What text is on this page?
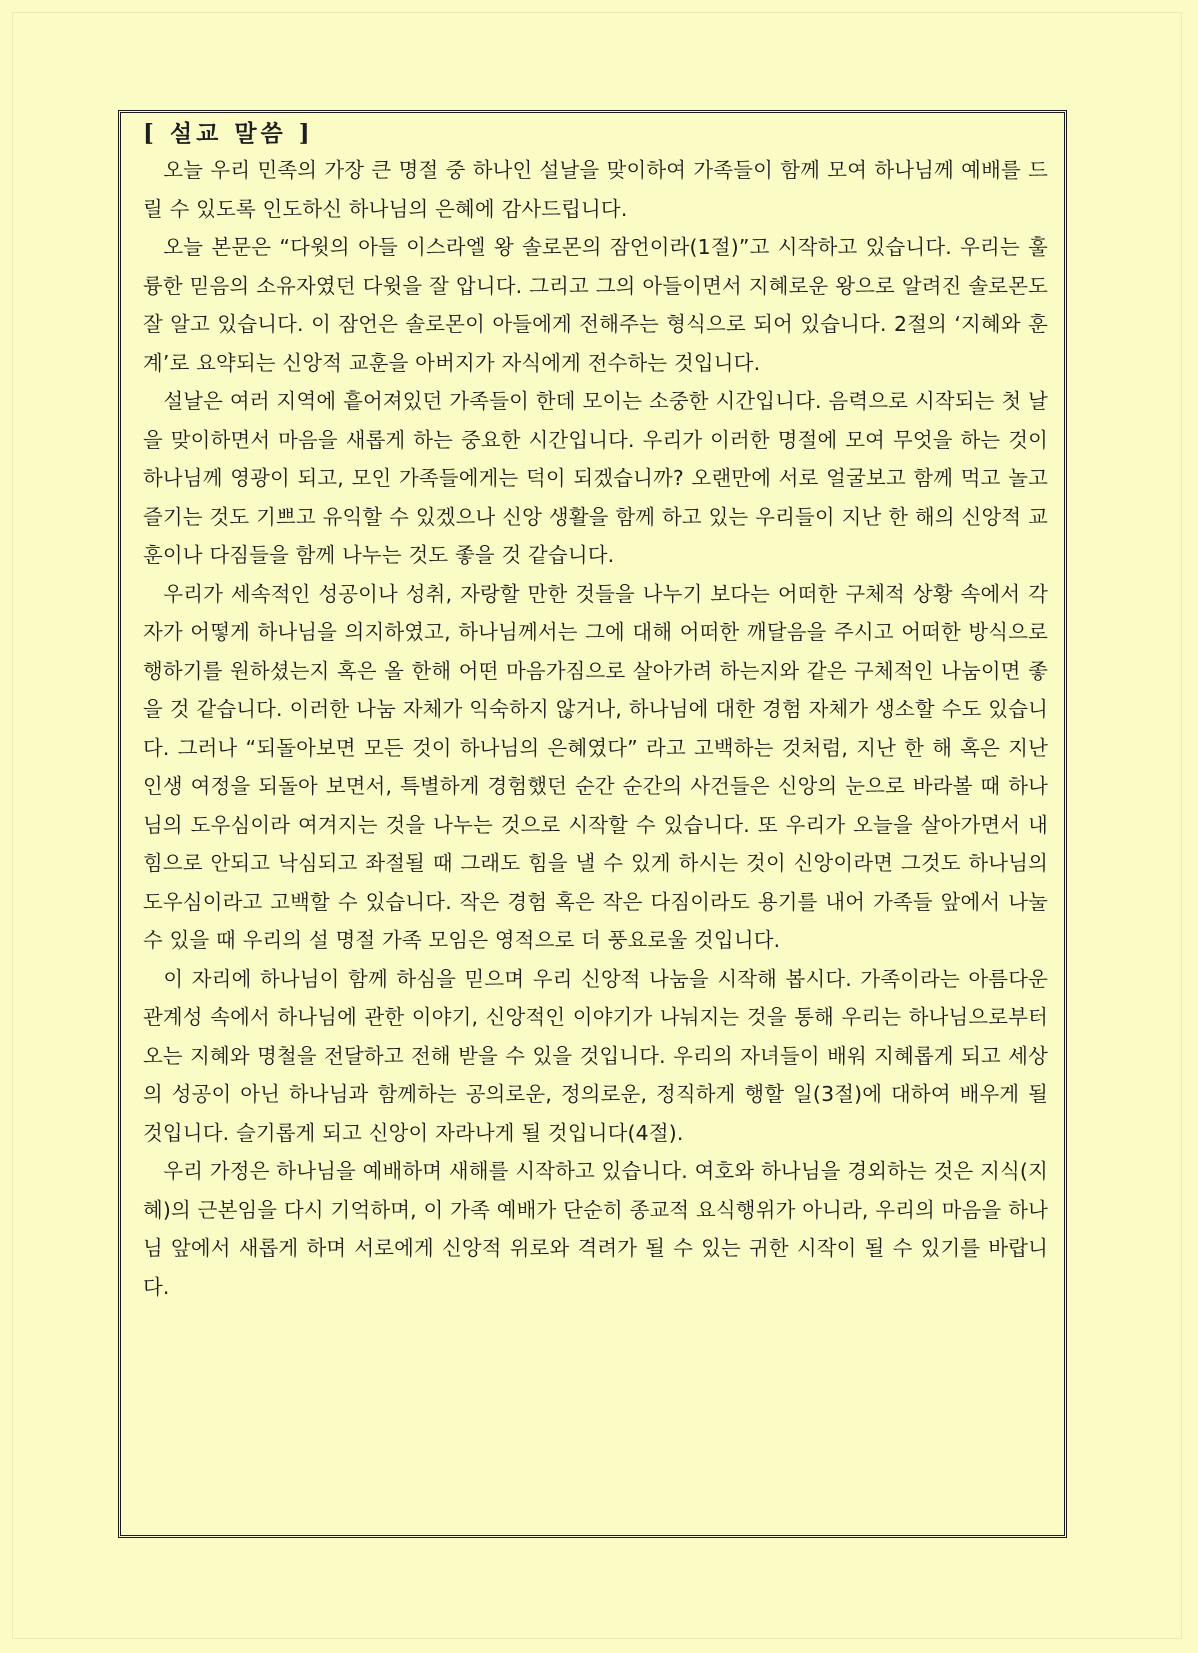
[ 설교 말씀 ]

오늘 우리 민족의 가장 큰 명절 중 하나인 설날을 맞이하여 가족들이 함께 모여 하나님께 예배를 드릴 수 있도록 인도하신 하나님의 은혜에 감사드립니다.

오늘 본문은 “다윗의 아들 이스라엘 왕 솔로몬의 잠언이라(1절)”고 시작하고 있습니다. 우리는 훌륭한 믿음의 소유자였던 다윗을 잘 압니다. 그리고 그의 아들이면서 지혜로운 왕으로 알려진 솔로몬도 잘 알고 있습니다. 이 잠언은 솔로몬이 아들에게 전해주는 형식으로 되어 있습니다. 2절의 ‘지혜와 훈계’로 요약되는 신앙적 교훈을 아버지가 자식에게 전수하는 것입니다.

설날은 여러 지역에 흩어져있던 가족들이 한데 모이는 소중한 시간입니다. 음력으로 시작되는 첫 날을 맞이하면서 마음을 새롭게 하는 중요한 시간입니다. 우리가 이러한 명절에 모여 무엇을 하는 것이 하나님께 영광이 되고, 모인 가족들에게는 덕이 되겠습니까? 오랜만에 서로 얼굴보고 함께 먹고 놀고 즐기는 것도 기쁘고 유익할 수 있겠으나 신앙 생활을 함께 하고 있는 우리들이 지난 한 해의 신앙적 교훈이나 다짐들을 함께 나누는 것도 좋을 것 같습니다.

우리가 세속적인 성공이나 성취, 자랑할 만한 것들을 나누기 보다는 어떠한 구체적 상황 속에서 각자가 어떻게 하나님을 의지하였고, 하나님께서는 그에 대해 어떠한 깨달음을 주시고 어떠한 방식으로 행하기를 원하셨는지 혹은 올 한해 어떤 마음가짐으로 살아가려 하는지와 같은 구체적인 나눔이면 좋을 것 같습니다. 이러한 나눔 자체가 익숙하지 않거나, 하나님에 대한 경험 자체가 생소할 수도 있습니다. 그러나 “되돌아보면 모든 것이 하나님의 은혜였다” 라고 고백하는 것처럼, 지난 한 해 혹은 지난 인생 여정을 되돌아 보면서, 특별하게 경험했던 순간 순간의 사건들은 신앙의 눈으로 바라볼 때 하나님의 도우심이라 여겨지는 것을 나누는 것으로 시작할 수 있습니다. 또 우리가 오늘을 살아가면서 내 힘으로 안되고 낙심되고 좌절될 때 그래도 힘을 낼 수 있게 하시는 것이 신앙이라면 그것도 하나님의 도우심이라고 고백할 수 있습니다. 작은 경험 혹은 작은 다짐이라도 용기를 내어 가족들 앞에서 나눌 수 있을 때 우리의 설 명절 가족 모임은 영적으로 더 풍요로울 것입니다.

이 자리에 하나님이 함께 하심을 믿으며 우리 신앙적 나눔을 시작해 봅시다. 가족이라는 아름다운 관계성 속에서 하나님에 관한 이야기, 신앙적인 이야기가 나눠지는 것을 통해 우리는 하나님으로부터 오는 지혜와 명철을 전달하고 전해 받을 수 있을 것입니다. 우리의 자녀들이 배워 지혜롭게 되고 세상의 성공이 아닌 하나님과 함께하는 공의로운, 정의로운, 정직하게 행할 일(3절)에 대하여 배우게 될 것입니다. 슬기롭게 되고 신앙이 자라나게 될 것입니다(4절).

우리 가정은 하나님을 예배하며 새해를 시작하고 있습니다. 여호와 하나님을 경외하는 것은 지식(지혜)의 근본임을 다시 기억하며, 이 가족 예배가 단순히 종교적 요식행위가 아니라, 우리의 마음을 하나님 앞에서 새롭게 하며 서로에게 신앙적 위로와 격려가 될 수 있는 귀한 시작이 될 수 있기를 바랍니다.
